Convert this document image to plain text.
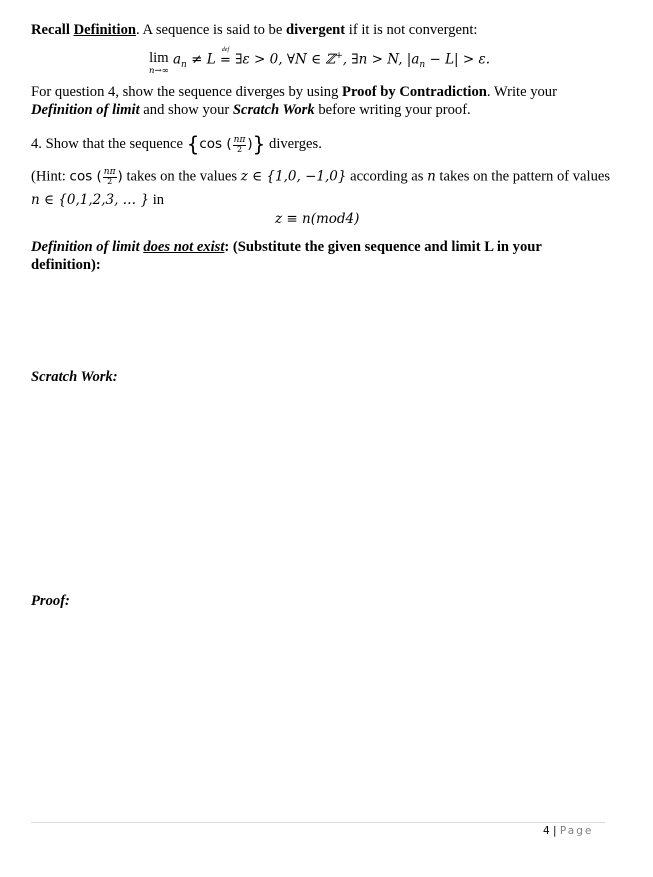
Recall Definition. A sequence is said to be divergent if it is not convergent:
lim
n→∞
$a_n \ne L$
def
= ∃ε > 0, ∀N ∈ ℤ+, ∃n > N, $|a_n - L| > \varepsilon$.
For question 4, show the sequence diverges by using Proof by Contradiction. Write your
Definition of limit and show your Scratch Work before writing your proof.
4. Show that the sequence {cos ( $\frac{n\pi}{2}$ )} diverges.
(Hint: cos ( $\frac{n\pi}{2}$ ) takes on the values z ∈ {1,0, −1,0} according as n takes on the pattern of values
n ∈ {0,1,2,3, … } in
z ≡ n(mod4)
Definition of limit does not exist: (Substitute the given sequence and limit L in your
definition):
Scratch Work:
Proof:
4 | Page
